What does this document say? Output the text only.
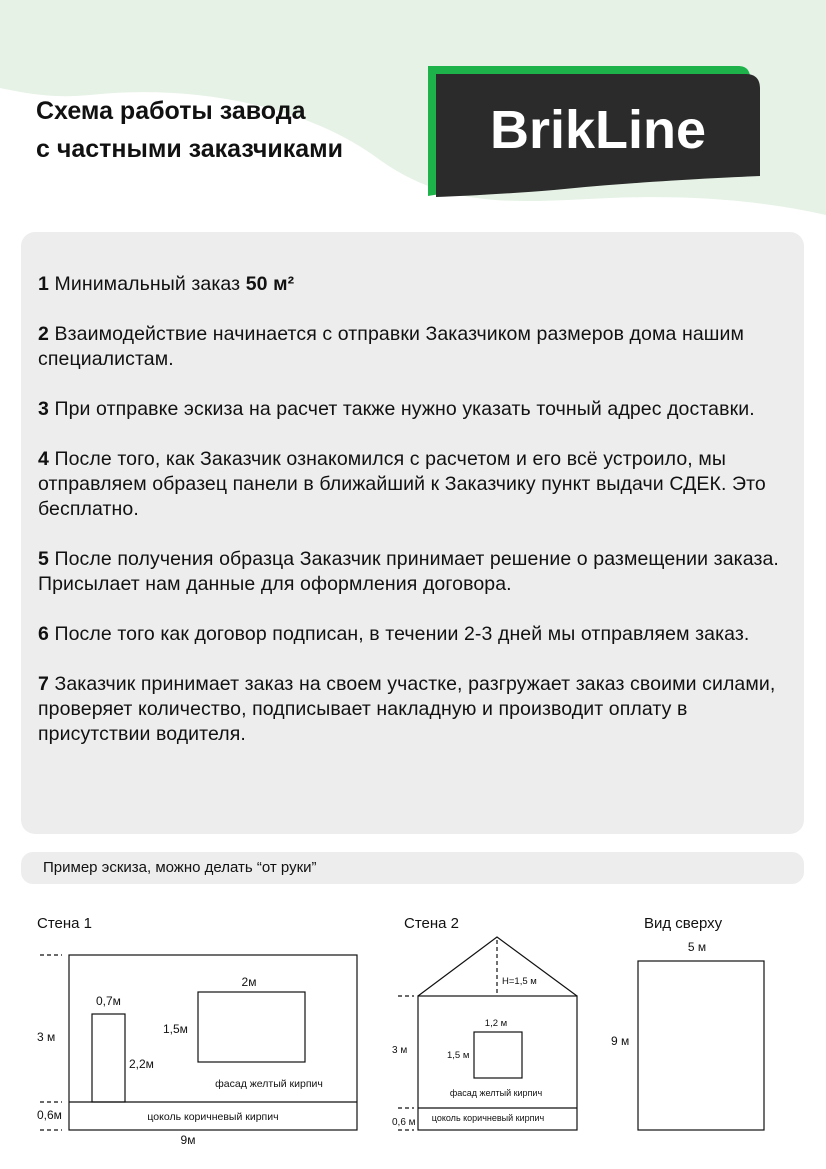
Схема работы завода
с частными заказчиками	BrikLine
1 Минимальный заказ 50 м²
2 Взаимодействие начинается с отправки Заказчиком размеров дома нашим специалистам.
3 При отправке эскиза на расчет также нужно указать точный адрес доставки.
4 После того, как Заказчик ознакомился с расчетом и его всё устроило, мы отправляем образец панели в ближайший к Заказчику пункт выдачи СДЕК. Это бесплатно.
5 После получения образца Заказчик принимает решение о размещении заказа. Присылает нам данные для оформления договора.
6 После того как договор подписан, в течении 2-3 дней мы отправляем заказ.
7 Заказчик принимает заказ на своем участке, разгружает заказ своими силами, проверяет количество, подписывает накладную и производит оплату в присутствии водителя.
Пример эскиза, можно делать “от руки”
Стена 1
3 м
0,6м
9м
0,7м
2,2м
2м
1,5м
фасад желтый кирпич
цоколь коричневый кирпич
Стена 2
H=1,5 м
3 м
0,6 м
1,2 м
1,5 м
фасад желтый кирпич
цоколь коричневый кирпич
Вид сверху
5 м
9 м
